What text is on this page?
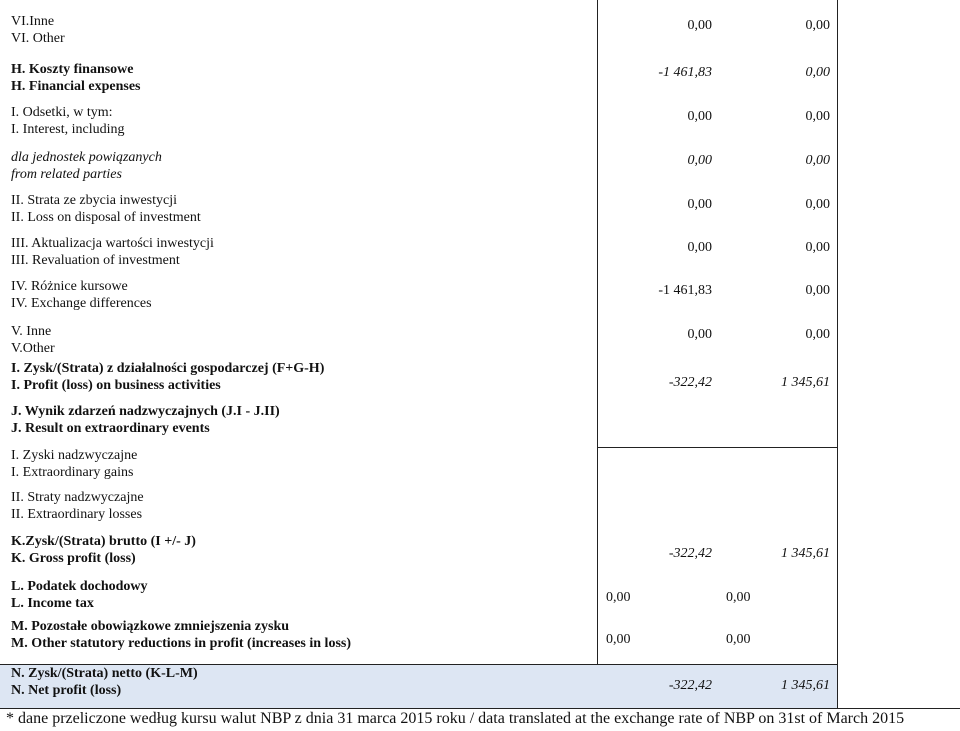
VI.Inne
VI. Other
0,00	0,00
H. Koszty finansowe
H. Financial expenses
-1 461,83	0,00
I. Odsetki, w tym:
I. Interest, including
0,00	0,00
dla jednostek powiązanych
from related parties
0,00	0,00
II. Strata ze zbycia inwestycji
II. Loss on disposal of investment
0,00	0,00
III. Aktualizacja wartości inwestycji
III. Revaluation of investment
0,00	0,00
IV. Różnice kursowe
IV. Exchange differences
-1 461,83	0,00
V. Inne
V.Other
0,00	0,00
I. Zysk/(Strata) z działalności gospodarczej (F+G-H)
I. Profit (loss) on business activities	-322,42	1 345,61
J. Wynik zdarzeń nadzwyczajnych (J.I - J.II)
J. Result on extraordinary events
I. Zyski nadzwyczajne
I. Extraordinary gains
II. Straty nadzwyczajne
II. Extraordinary losses
K.Zysk/(Strata) brutto (I +/- J)
K. Gross profit (loss)	-322,42	1 345,61
L. Podatek dochodowy
L. Income tax	0,00	0,00
M. Pozostałe obowiązkowe zmniejszenia zysku
M. Other statutory reductions in profit (increases in loss)	0,00	0,00
N. Zysk/(Strata) netto (K-L-M)
N. Net profit (loss)	-322,42	1 345,61
* dane przeliczone według kursu walut NBP z dnia 31 marca 2015 roku / data translated at the exchange rate of NBP on 31st of March 2015
